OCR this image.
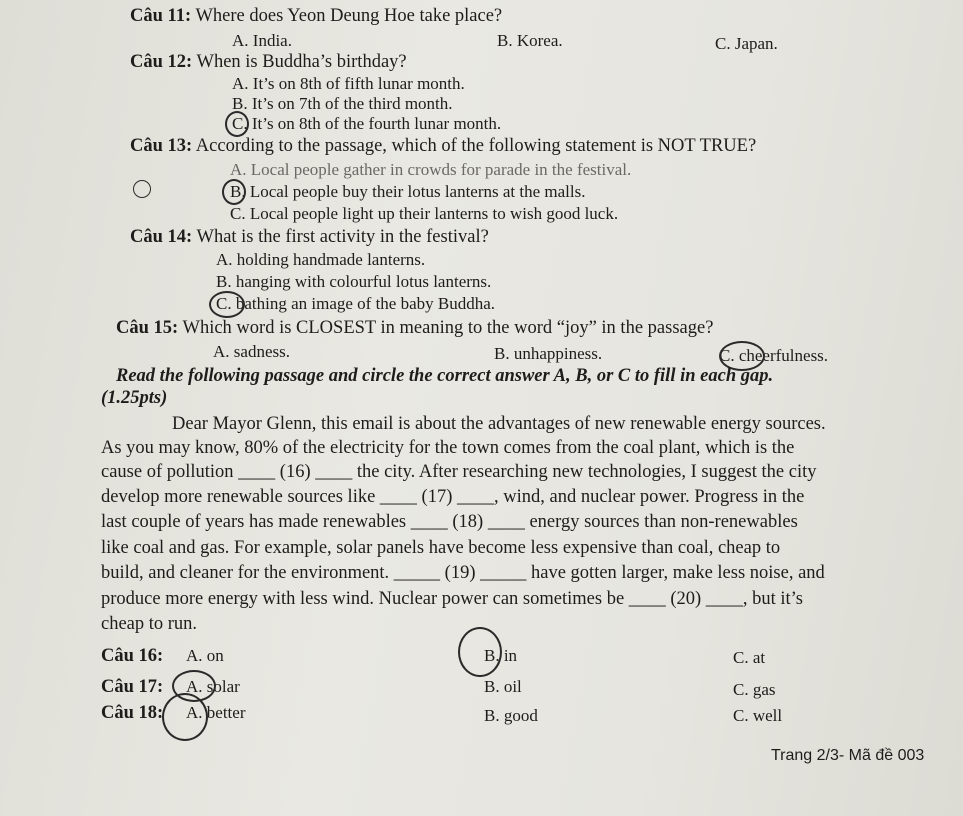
Câu 11: Where does Yeon Deung Hoe take place?
A. India.	B. Korea.	C. Japan.
Câu 12: When is Buddha’s birthday?
A. It’s on 8th of fifth lunar month.
B. It’s on 7th of the third month.
C. It’s on 8th of the fourth lunar month.
Câu 13: According to the passage, which of the following statement is NOT TRUE?
A. Local people gather in crowds for parade in the festival.
B. Local people buy their lotus lanterns at the malls.
C. Local people light up their lanterns to wish good luck.
Câu 14: What is the first activity in the festival?
A. holding handmade lanterns.
B. hanging with colourful lotus lanterns.
C. bathing an image of the baby Buddha.
Câu 15: Which word is CLOSEST in meaning to the word “joy” in the passage?
A. sadness.	B. unhappiness.	C. cheerfulness.
Read the following passage and circle the correct answer A, B, or C to fill in each gap.
(1.25pts)
Dear Mayor Glenn, this email is about the advantages of new renewable energy sources.
As you may know, 80% of the electricity for the town comes from the coal plant, which is the
cause of pollution ____ (16) ____ the city. After researching new technologies, I suggest the city
develop more renewable sources like ____ (17) ____, wind, and nuclear power. Progress in the
last couple of years has made renewables ____ (18) ____ energy sources than non-renewables
like coal and gas. For example, solar panels have become less expensive than coal, cheap to
build, and cleaner for the environment. _____ (19) _____ have gotten larger, make less noise, and
produce more energy with less wind. Nuclear power can sometimes be ____ (20) ____, but it’s
cheap to run.
Câu 16: A. on	B. in	C. at
Câu 17: A. solar	B. oil	C. gas
Câu 18: A. better	B. good	C. well
Trang 2/3- Mã đề 003
